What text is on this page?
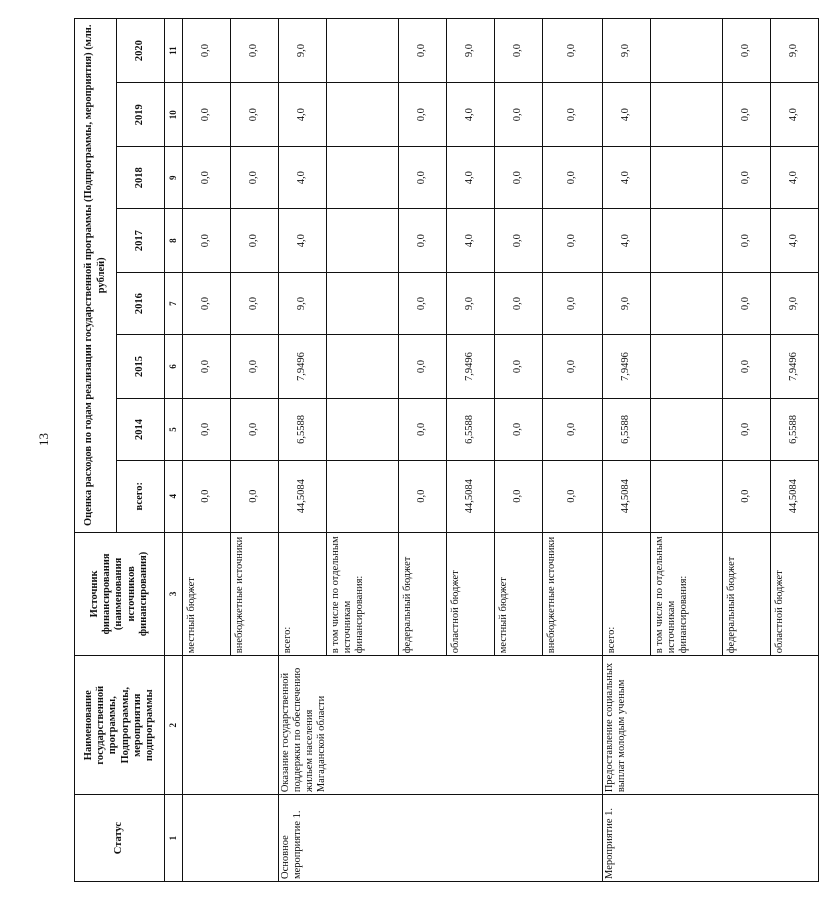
13
Статус	Наименование государственной программы, Подпрограммы, мероприятия подпрограммы	Источник финансирования (наименования источников финансирования)	Оценка расходов по годам реализации государственной программы (Подпрограммы, мероприятия) (млн. рублей)							
			всего:	2014	2015	2016	2017	2018	2019	2020
1	2	3	4	5	6	7	8	9	10	11
		местный бюджет	0,0	0,0	0,0	0,0	0,0	0,0	0,0	0,0
		внебюджетные источники	0,0	0,0	0,0	0,0	0,0	0,0	0,0	0,0
Основное мероприятие 1.	Оказание государственной поддержки по обеспечению жильем населения Магаданской области	всего:	44,5084	6,5588	7,9496	9,0	4,0	4,0	4,0	9,0
		в том числе по отдельным источникам финансирования:								
		федеральный бюджет	0,0	0,0	0,0	0,0	0,0	0,0	0,0	0,0
		областной бюджет	44,5084	6,5588	7,9496	9,0	4,0	4,0	4,0	9,0
		местный бюджет	0,0	0,0	0,0	0,0	0,0	0,0	0,0	0,0
		внебюджетные источники	0,0	0,0	0,0	0,0	0,0	0,0	0,0	0,0
Мероприятие 1.	Предоставление социальных выплат молодым ученым	всего:	44,5084	6,5588	7,9496	9,0	4,0	4,0	4,0	9,0
		в том числе по отдельным источникам финансирования:								
		федеральный бюджет	0,0	0,0	0,0	0,0	0,0	0,0	0,0	0,0
		областной бюджет	44,5084	6,5588	7,9496	9,0	4,0	4,0	4,0	9,0
